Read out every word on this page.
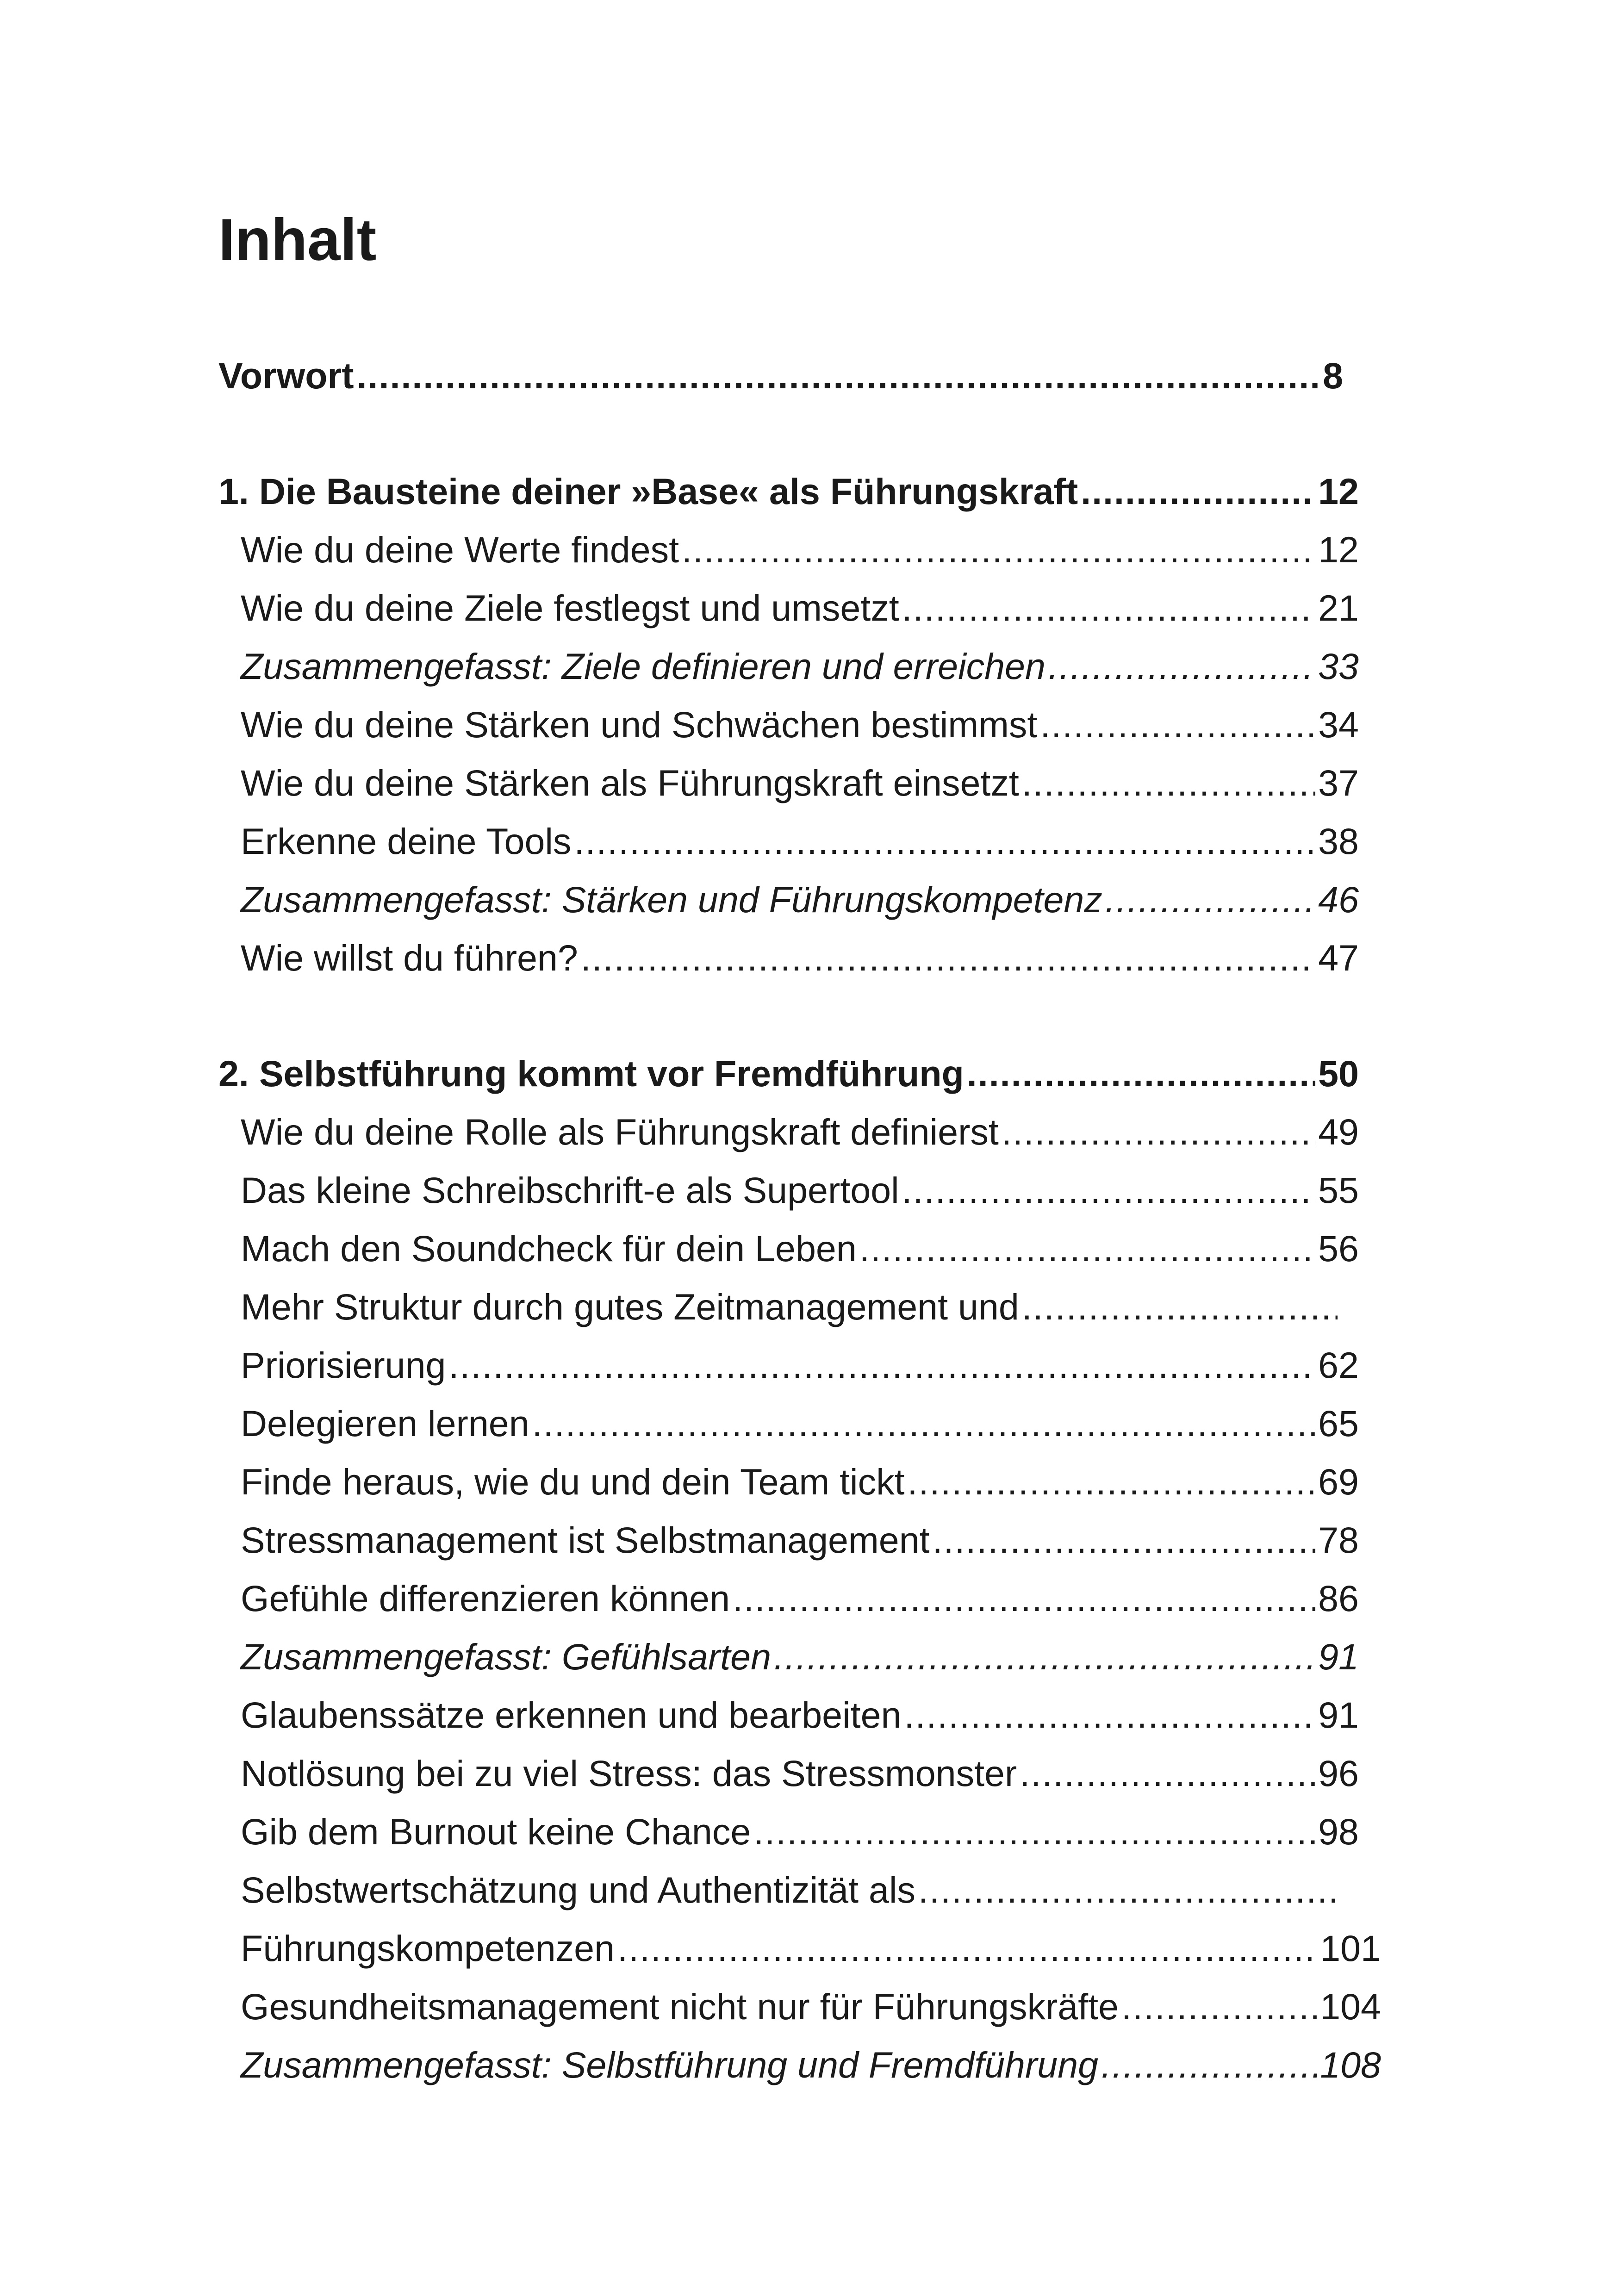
Inhalt
Vorwort .....	8
1. Die Bausteine deiner »Base« als Führungskraft .....	12
Wie du deine Werte findest .....	12
Wie du deine Ziele festlegst und umsetzt .....	21
Zusammengefasst: Ziele definieren und erreichen .....	33
Wie du deine Stärken und Schwächen bestimmst .....	34
Wie du deine Stärken als Führungskraft einsetzt .....	37
Erkenne deine Tools .....	38
Zusammengefasst: Stärken und Führungskompetenz .....	46
Wie willst du führen? .....	47
2. Selbstführung kommt vor Fremdführung .....	50
Wie du deine Rolle als Führungskraft definierst .....	49
Das kleine Schreibschrift-e als Supertool .....	55
Mach den Soundcheck für dein Leben .....	56
Mehr Struktur durch gutes Zeitmanagement und
.....
Priorisierung .....	62
Delegieren lernen .....	65
Finde heraus, wie du und dein Team tickt .....	69
Stressmanagement ist Selbstmanagement .....	78
Gefühle differenzieren können .....	86
Zusammengefasst: Gefühlsarten .....	91
Glaubenssätze erkennen und bearbeiten .....	91
Notlösung bei zu viel Stress: das Stressmonster .....	96
Gib dem Burnout keine Chance .....	98
Selbstwertschätzung und Authentizität als
.....
Führungskompetenzen .....	101
Gesundheitsmanagement nicht nur für Führungskräfte .....	104
Zusammengefasst: Selbstführung und Fremdführung .....	108
